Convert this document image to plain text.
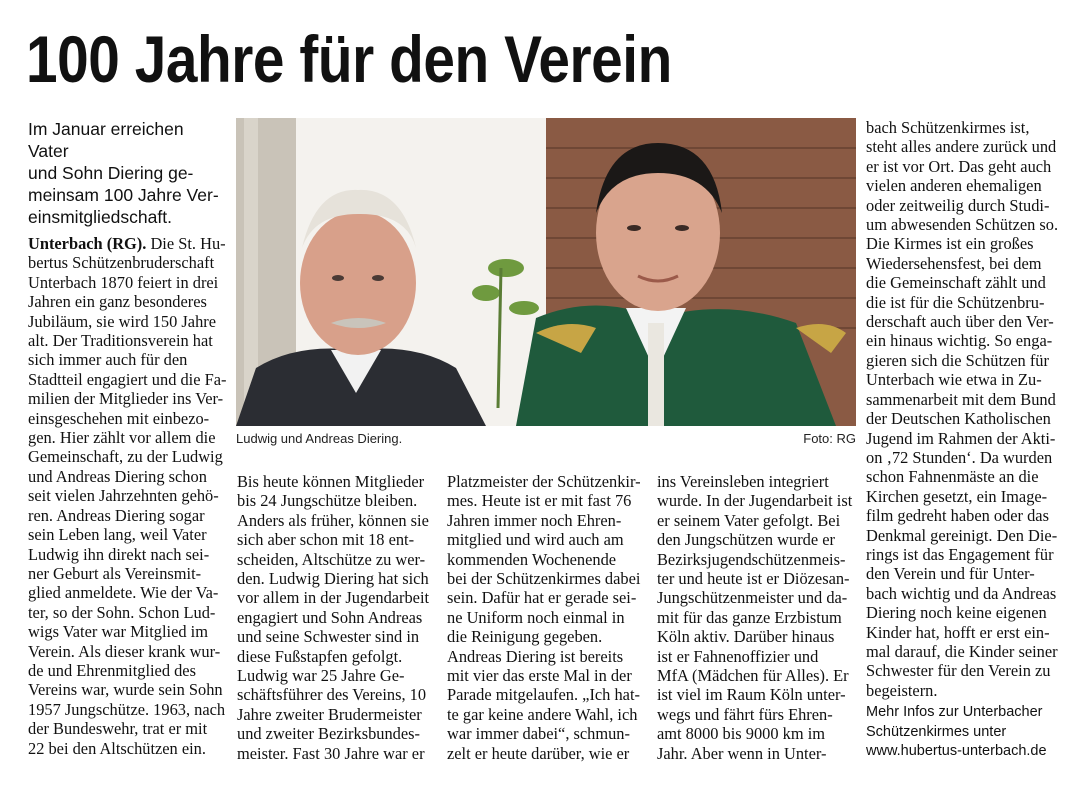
100 Jahre für den Verein
Im Januar erreichen Vater
und Sohn Diering ge-
meinsam 100 Jahre Ver-
einsmitgliedschaft.
Unterbach (RG). Die St. Hu-
bertus Schützenbruderschaft
Unterbach 1870 feiert in drei
Jahren ein ganz besonderes
Jubiläum, sie wird 150 Jahre
alt. Der Traditionsverein hat
sich immer auch für den
Stadtteil engagiert und die Fa-
milien der Mitglieder ins Ver-
einsgeschehen mit einbezo-
gen. Hier zählt vor allem die
Gemeinschaft, zu der Ludwig
und Andreas Diering schon
seit vielen Jahrzehnten gehö-
ren. Andreas Diering sogar
sein Leben lang, weil Vater
Ludwig ihn direkt nach sei-
ner Geburt als Vereinsmit-
glied anmeldete. Wie der Va-
ter, so der Sohn. Schon Lud-
wigs Vater war Mitglied im
Verein. Als dieser krank wur-
de und Ehrenmitglied des
Vereins war, wurde sein Sohn
1957 Jungschütze. 1963, nach
der Bundeswehr, trat er mit
22 bei den Altschützen ein.
Ludwig und Andreas Diering.	Foto: RG
Bis heute können Mitglieder
bis 24 Jungschütze bleiben.
Anders als früher, können sie
sich aber schon mit 18 ent-
scheiden, Altschütze zu wer-
den. Ludwig Diering hat sich
vor allem in der Jugendarbeit
engagiert und Sohn Andreas
und seine Schwester sind in
diese Fußstapfen gefolgt.
Ludwig war 25 Jahre Ge-
schäftsführer des Vereins, 10
Jahre zweiter Brudermeister
und zweiter Bezirksbundes-
meister. Fast 30 Jahre war er
Platzmeister der Schützenkir-
mes. Heute ist er mit fast 76
Jahren immer noch Ehren-
mitglied und wird auch am
kommenden Wochenende
bei der Schützenkirmes dabei
sein. Dafür hat er gerade sei-
ne Uniform noch einmal in
die Reinigung gegeben.
Andreas Diering ist bereits
mit vier das erste Mal in der
Parade mitgelaufen. „Ich hat-
te gar keine andere Wahl, ich
war immer dabei“, schmun-
zelt er heute darüber, wie er
ins Vereinsleben integriert
wurde. In der Jugendarbeit ist
er seinem Vater gefolgt. Bei
den Jungschützen wurde er
Bezirksjugendschützenmeis-
ter und heute ist er Diözesan-
Jungschützenmeister und da-
mit für das ganze Erzbistum
Köln aktiv. Darüber hinaus
ist er Fahnenoffizier und
MfA (Mädchen für Alles). Er
ist viel im Raum Köln unter-
wegs und fährt fürs Ehren-
amt 8000 bis 9000 km im
Jahr. Aber wenn in Unter-
bach Schützenkirmes ist,
steht alles andere zurück und
er ist vor Ort. Das geht auch
vielen anderen ehemaligen
oder zeitweilig durch Studi-
um abwesenden Schützen so.
Die Kirmes ist ein großes
Wiedersehensfest, bei dem
die Gemeinschaft zählt und
die ist für die Schützenbru-
derschaft auch über den Ver-
ein hinaus wichtig. So enga-
gieren sich die Schützen für
Unterbach wie etwa in Zu-
sammenarbeit mit dem Bund
der Deutschen Katholischen
Jugend im Rahmen der Akti-
on ‚72 Stunden‘. Da wurden
schon Fahnenmäste an die
Kirchen gesetzt, ein Image-
film gedreht haben oder das
Denkmal gereinigt. Den Die-
rings ist das Engagement für
den Verein und für Unter-
bach wichtig und da Andreas
Diering noch keine eigenen
Kinder hat, hofft er erst ein-
mal darauf, die Kinder seiner
Schwester für den Verein zu
begeistern.
Mehr Infos zur Unterbacher
Schützenkirmes unter
www.hubertus-unterbach.de
